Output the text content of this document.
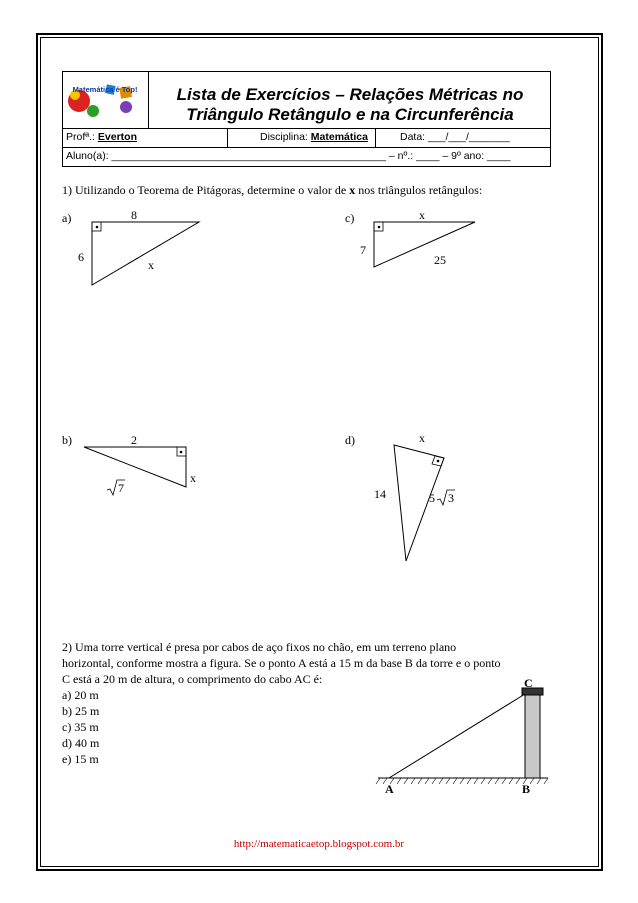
Matemática é Top!	Lista de Exercícios – Relações Métricas no
Triângulo Retângulo e na Circunferência
Profª.: Everton	Disciplina: Matemática	Data: ___/___/_______
Aluno(a): _______________________________________________ – nº.: ____ – 9º ano: ____
1) Utilizando o Teorema de Pitágoras, determine o valor de x nos triângulos retângulos:
a)	8
6
x
c)	x
7
25
b)	2
x
7
d)	x
14	5 3
2) Uma torre vertical é presa por cabos de aço fixos no chão, em um terreno plano
horizontal, conforme mostra a figura. Se o ponto A está a 15 m da base B da torre e o ponto
C está a 20 m de altura, o comprimento do cabo AC é:
a) 20 m
b) 25 m
c) 35 m
d) 40 m
e) 15 m
A	B
C
http://matematicaetop.blogspot.com.br
